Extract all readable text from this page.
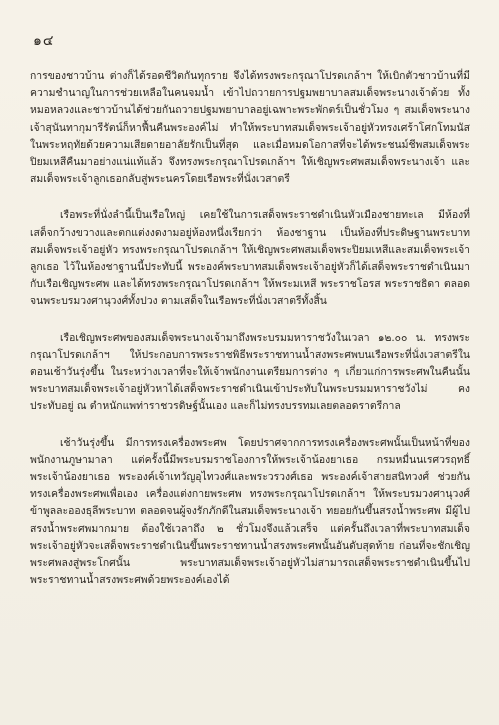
๑๔

การของชาวบ้าน ต่างก็ได้รอดชีวิตกันทุกราย จึงได้ทรงพระกรุณาโปรดเกล้าฯ ให้เบิกตัวชาวบ้านที่มีความชำนาญในการช่วยเหลือในคนจมน้ำ เข้าไปถวายการปฐมพยาบาลสมเด็จพระนางเจ้าด้วย ทั้งหมอหลวงและชาวบ้านได้ช่วยกันถวายปฐมพยาบาลอยู่เฉพาะพระพักตร์เป็นชั่วโมง ๆ สมเด็จพระนางเจ้าสุนันทากุมารีรัตน์ก็หาฟื้นคืนพระองค์ไม่ ทำให้พระบาทสมเด็จพระเจ้าอยู่หัวทรงเศร้าโศกโทมนัสในพระหฤทัยด้วยความเสียดายอาลัยรักเป็นที่สุด และเมื่อหมดโอกาสที่จะได้พระชนม์ชีพสมเด็จพระปิยมเหสีคืนมาอย่างแน่แท้แล้ว จึงทรงพระกรุณาโปรดเกล้าฯ ให้เชิญพระศพสมเด็จพระนางเจ้า และสมเด็จพระเจ้าลูกเธอกลับสู่พระนครโดยเรือพระที่นั่งเวสาตรี

เรือพระที่นั่งลำนี้เป็นเรือใหญ่ เคยใช้ในการเสด็จพระราชดำเนินหัวเมืองชายทะเล มีห้องที่เสด็จกว้างขวางและตกแต่งงดงามอยู่ห้องหนึ่งเรียกว่า ห้องชาฐาน เป็นห้องที่ประดิษฐานพระบาทสมเด็จพระเจ้าอยู่หัว ทรงพระกรุณาโปรดเกล้าฯ ให้เชิญพระศพสมเด็จพระปิยมเหสีและสมเด็จพระเจ้าลูกเธอ ไว้ในห้องชาฐานนี้ประทับนี้ พระองค์พระบาทสมเด็จพระเจ้าอยู่หัวก็ได้เสด็จพระราชดำเนินมากับเรือเชิญพระศพ และได้ทรงพระกรุณาโปรดเกล้าฯ ให้พระมเหสี พระราชโอรส พระราชธิดา ตลอดจนพระบรมวงศานุวงศ์ทั้งปวง ตามเสด็จในเรือพระที่นั่งเวสาตรีทั้งสิ้น

เรือเชิญพระศพของสมเด็จพระนางเจ้ามาถึงพระบรมมหาราชวังในเวลา ๑๒.๐๐ น. ทรงพระกรุณาโปรดเกล้าฯ ให้ประกอบการพระราชพิธีพระราชทานน้ำสงพระศพบนเรือพระที่นั่งเวสาตรีในตอนเช้าวันรุ่งขึ้น ในระหว่างเวลาที่จะให้เจ้าพนักงานเตรียมการต่าง ๆ เกี่ยวแก่การพระศพในคืนนั้น พระบาทสมเด็จพระเจ้าอยู่หัวหาได้เสด็จพระราชดำเนินเข้าประทับในพระบรมมหาราชวังไม่ คงประทับอยู่ ณ ตำหนักแพท่าราชวรดิษฐ์นั้นเอง และก็ไม่ทรงบรรทมเลยตลอดราตรีกาล

เช้าวันรุ่งขึ้น มีการทรงเครื่องพระศพ โดยปราศจากการทรงเครื่องพระศพนั้นเป็นหน้าที่ของพนักงานภูษามาลา แต่ครั้งนี้มีพระบรมราชโองการให้พระเจ้าน้องยาเธอ กรมหมื่นนเรศวรฤทธิ์ พระเจ้าน้องยาเธอ พระองค์เจ้าเทวัญอุไทวงศ์และพระวรวงศ์เธอ พระองค์เจ้าสายสนิทวงศ์ ช่วยกันทรงเครื่องพระศพเพื่อเอง เครื่องแต่งกายพระศพ ทรงพระกรุณาโปรดเกล้าฯ ให้พระบรมวงศานุวงศ์ ข้าพูลละอองธุลีพระบาท ตลอดจนผู้จงรักภักดีในสมเด็จพระนางเจ้า ทยอยกันขึ้นสรงน้ำพระศพ มีผู้ไปสรงน้ำพระศพมากมาย ต้องใช้เวลาถึง ๒ ชั่วโมงจึงแล้วเสร็จ แต่ครั้นถึงเวลาที่พระบาทสมเด็จพระเจ้าอยู่หัวจะเสด็จพระราชดำเนินขึ้นพระราชทานน้ำสรงพระศพนั้นอันดับสุดท้าย ก่อนที่จะชักเชิญพระศพลงสู่พระโกศนั้น พระบาทสมเด็จพระเจ้าอยู่หัวไม่สามารถเสด็จพระราชดำเนินขึ้นไปพระราชทานน้ำสรงพระศพด้วยพระองค์เองได้
